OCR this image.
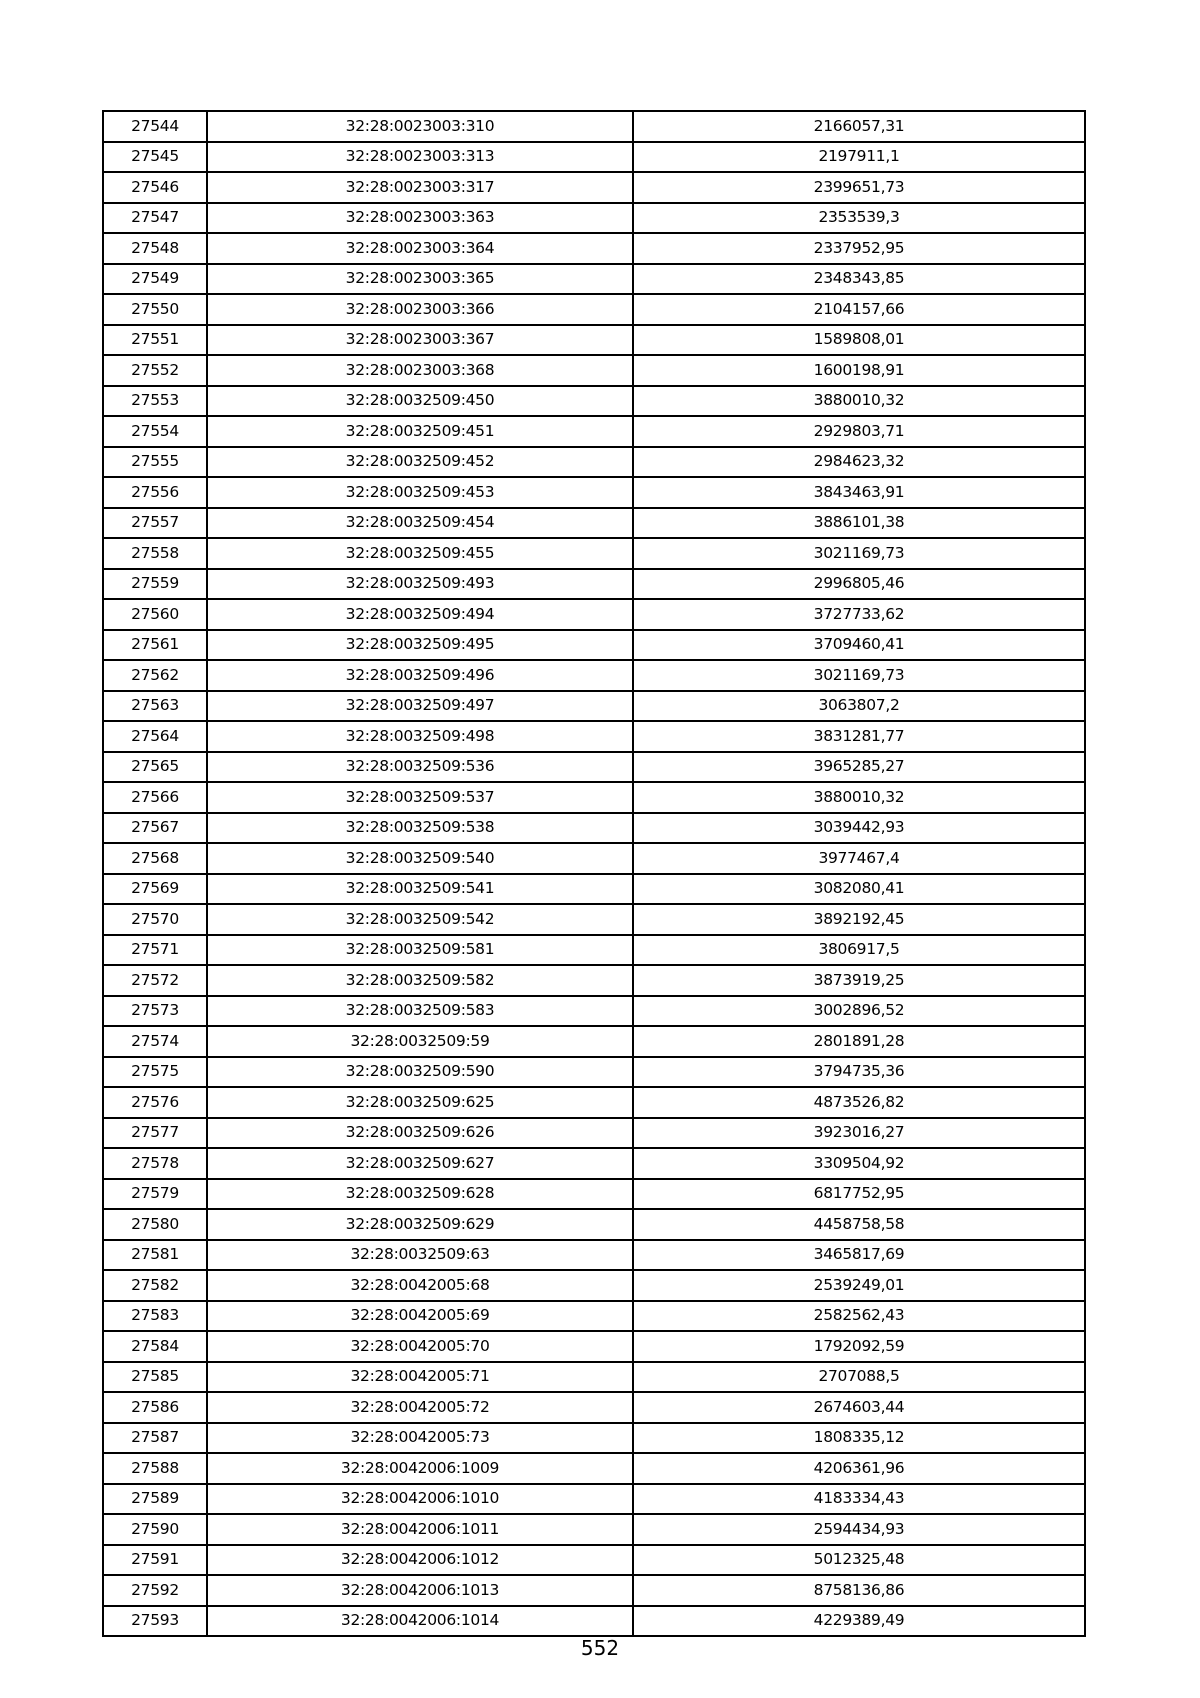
27544	32:28:0023003:310	2166057,31
27545	32:28:0023003:313	2197911,1
27546	32:28:0023003:317	2399651,73
27547	32:28:0023003:363	2353539,3
27548	32:28:0023003:364	2337952,95
27549	32:28:0023003:365	2348343,85
27550	32:28:0023003:366	2104157,66
27551	32:28:0023003:367	1589808,01
27552	32:28:0023003:368	1600198,91
27553	32:28:0032509:450	3880010,32
27554	32:28:0032509:451	2929803,71
27555	32:28:0032509:452	2984623,32
27556	32:28:0032509:453	3843463,91
27557	32:28:0032509:454	3886101,38
27558	32:28:0032509:455	3021169,73
27559	32:28:0032509:493	2996805,46
27560	32:28:0032509:494	3727733,62
27561	32:28:0032509:495	3709460,41
27562	32:28:0032509:496	3021169,73
27563	32:28:0032509:497	3063807,2
27564	32:28:0032509:498	3831281,77
27565	32:28:0032509:536	3965285,27
27566	32:28:0032509:537	3880010,32
27567	32:28:0032509:538	3039442,93
27568	32:28:0032509:540	3977467,4
27569	32:28:0032509:541	3082080,41
27570	32:28:0032509:542	3892192,45
27571	32:28:0032509:581	3806917,5
27572	32:28:0032509:582	3873919,25
27573	32:28:0032509:583	3002896,52
27574	32:28:0032509:59	2801891,28
27575	32:28:0032509:590	3794735,36
27576	32:28:0032509:625	4873526,82
27577	32:28:0032509:626	3923016,27
27578	32:28:0032509:627	3309504,92
27579	32:28:0032509:628	6817752,95
27580	32:28:0032509:629	4458758,58
27581	32:28:0032509:63	3465817,69
27582	32:28:0042005:68	2539249,01
27583	32:28:0042005:69	2582562,43
27584	32:28:0042005:70	1792092,59
27585	32:28:0042005:71	2707088,5
27586	32:28:0042005:72	2674603,44
27587	32:28:0042005:73	1808335,12
27588	32:28:0042006:1009	4206361,96
27589	32:28:0042006:1010	4183334,43
27590	32:28:0042006:1011	2594434,93
27591	32:28:0042006:1012	5012325,48
27592	32:28:0042006:1013	8758136,86
27593	32:28:0042006:1014	4229389,49
552
